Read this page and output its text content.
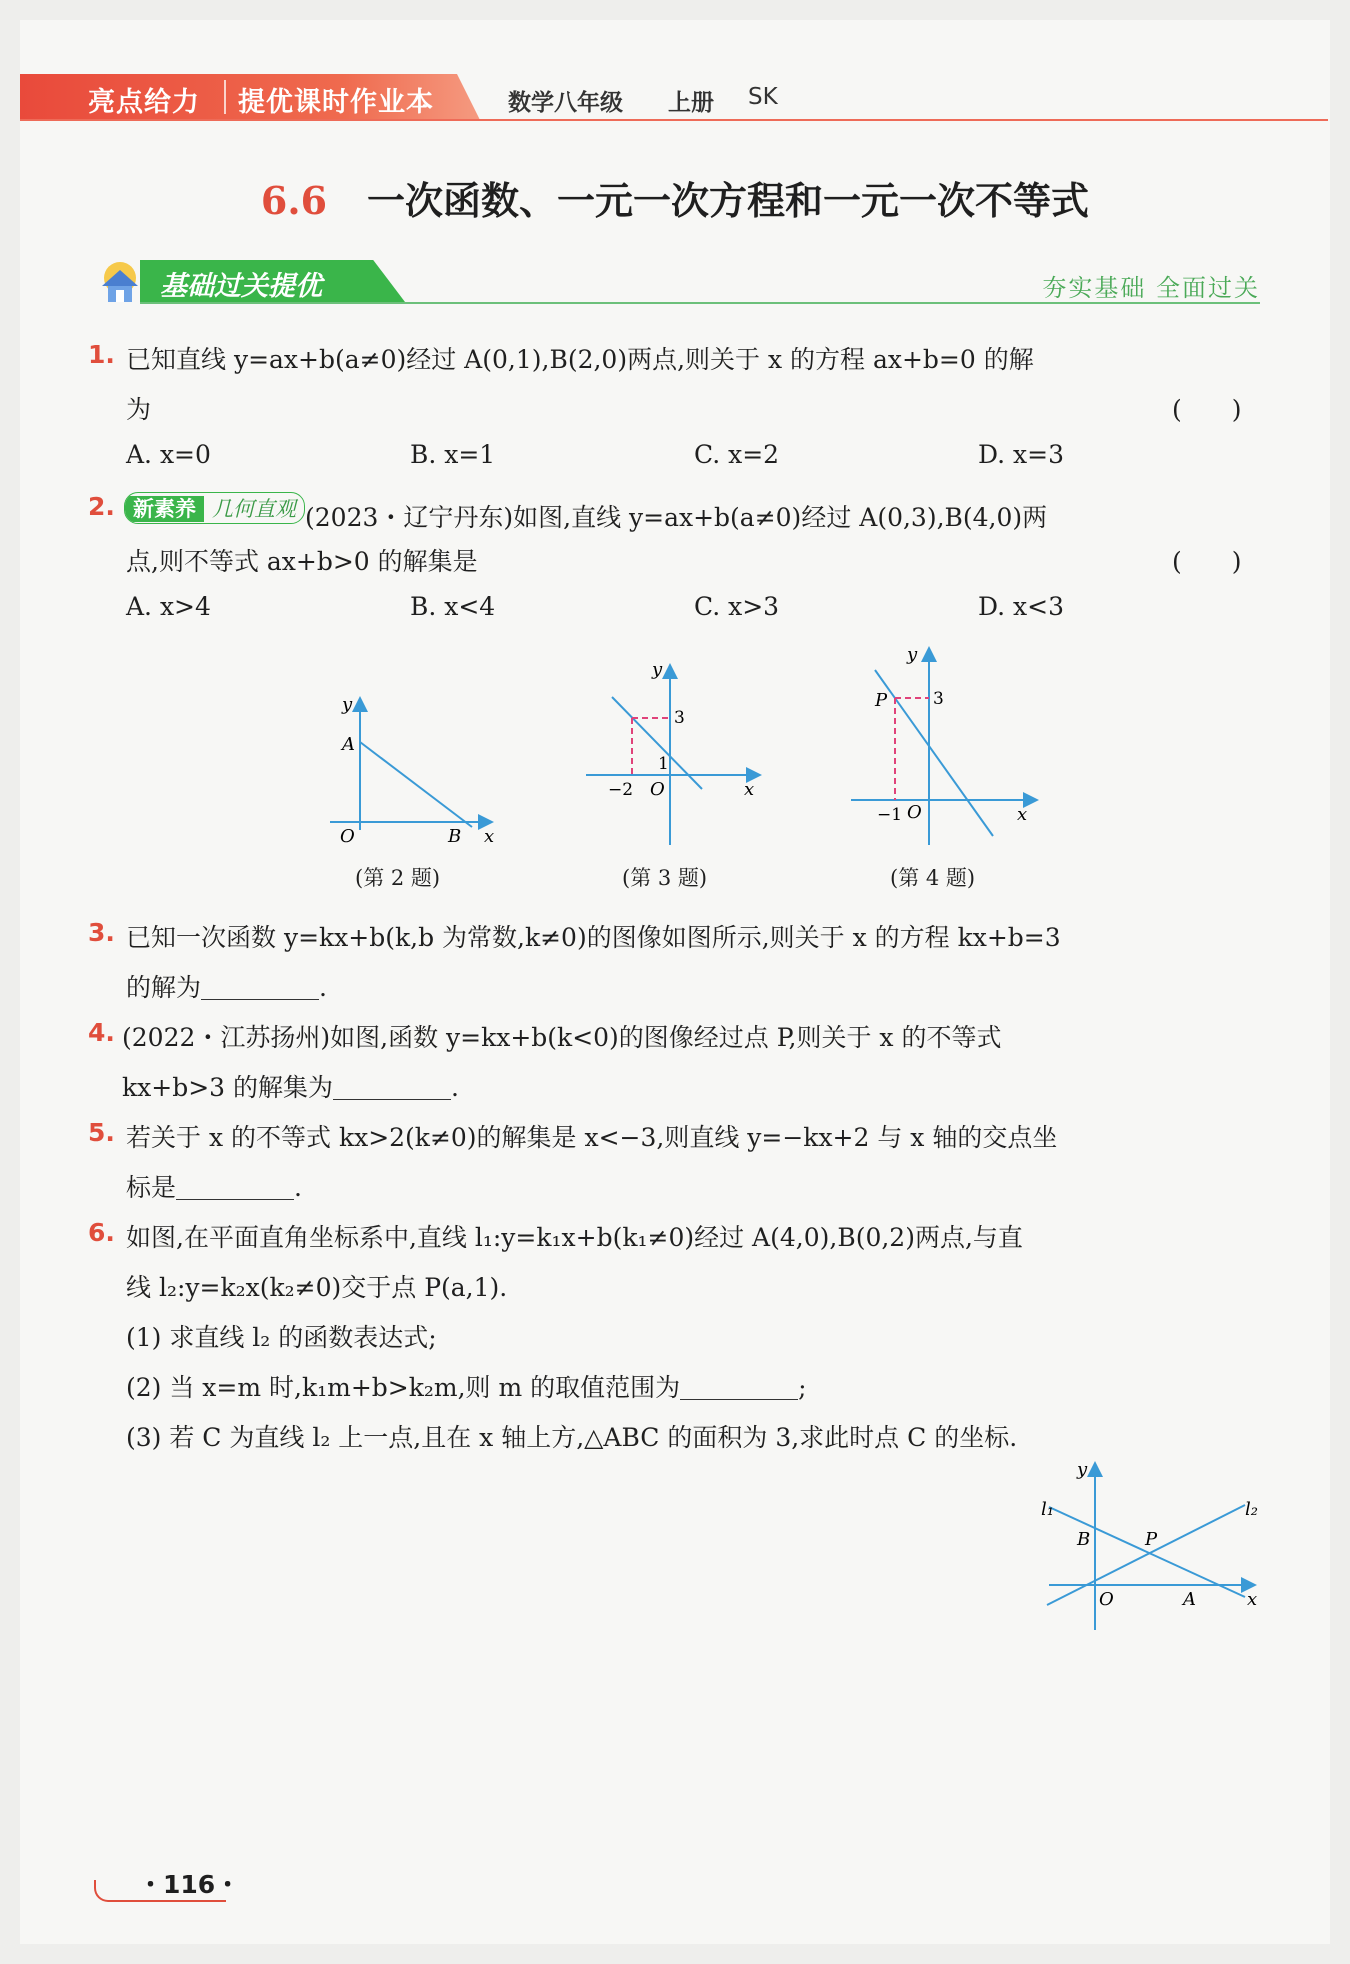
亮点给力 提优课时作业本	数学八年级 上册 SK
6.6 一次函数、一元一次方程和一元一次不等式
基础过关提优	夯实基础 全面过关
1. 已知直线 y=ax+b(a≠0)经过 A(0,1),B(2,0)两点,则关于 x 的方程 ax+b=0 的解
为	(　　)
A. x=0	B. x=1	C. x=2	D. x=3
2. 新素养 几何直观 (2023・辽宁丹东)如图,直线 y=ax+b(a≠0)经过 A(0,3),B(4,0)两
点,则不等式 ax+b>0 的解集是	(　　)
A. x>4	B. x<4	C. x>3	D. x<3
y
A
O	B x
(第 2 题)
y
3
1
−2 O	x
(第 3 题)
y
P	3
−1 O	x
(第 4 题)
3. 已知一次函数 y=kx+b(k,b 为常数,k≠0)的图像如图所示,则关于 x 的方程 kx+b=3
的解为	.
4. (2022・江苏扬州)如图,函数 y=kx+b(k<0)的图像经过点 P,则关于 x 的不等式
kx+b>3 的解集为	.
5. 若关于 x 的不等式 kx>2(k≠0)的解集是 x<−3,则直线 y=−kx+2 与 x 轴的交点坐
标是	.
6. 如图,在平面直角坐标系中,直线 l₁:y=k₁x+b(k₁≠0)经过 A(4,0),B(0,2)两点,与直
线 l₂:y=k₂x(k₂≠0)交于点 P(a,1).
(1) 求直线 l₂ 的函数表达式;
(2) 当 x=m 时,k₁m+b>k₂m,则 m 的取值范围为	;
(3) 若 C 为直线 l₂ 上一点,且在 x 轴上方,△ABC 的面积为 3,求此时点 C 的坐标.
y
l₁	l₂
B	P
O	A	x
・116・
